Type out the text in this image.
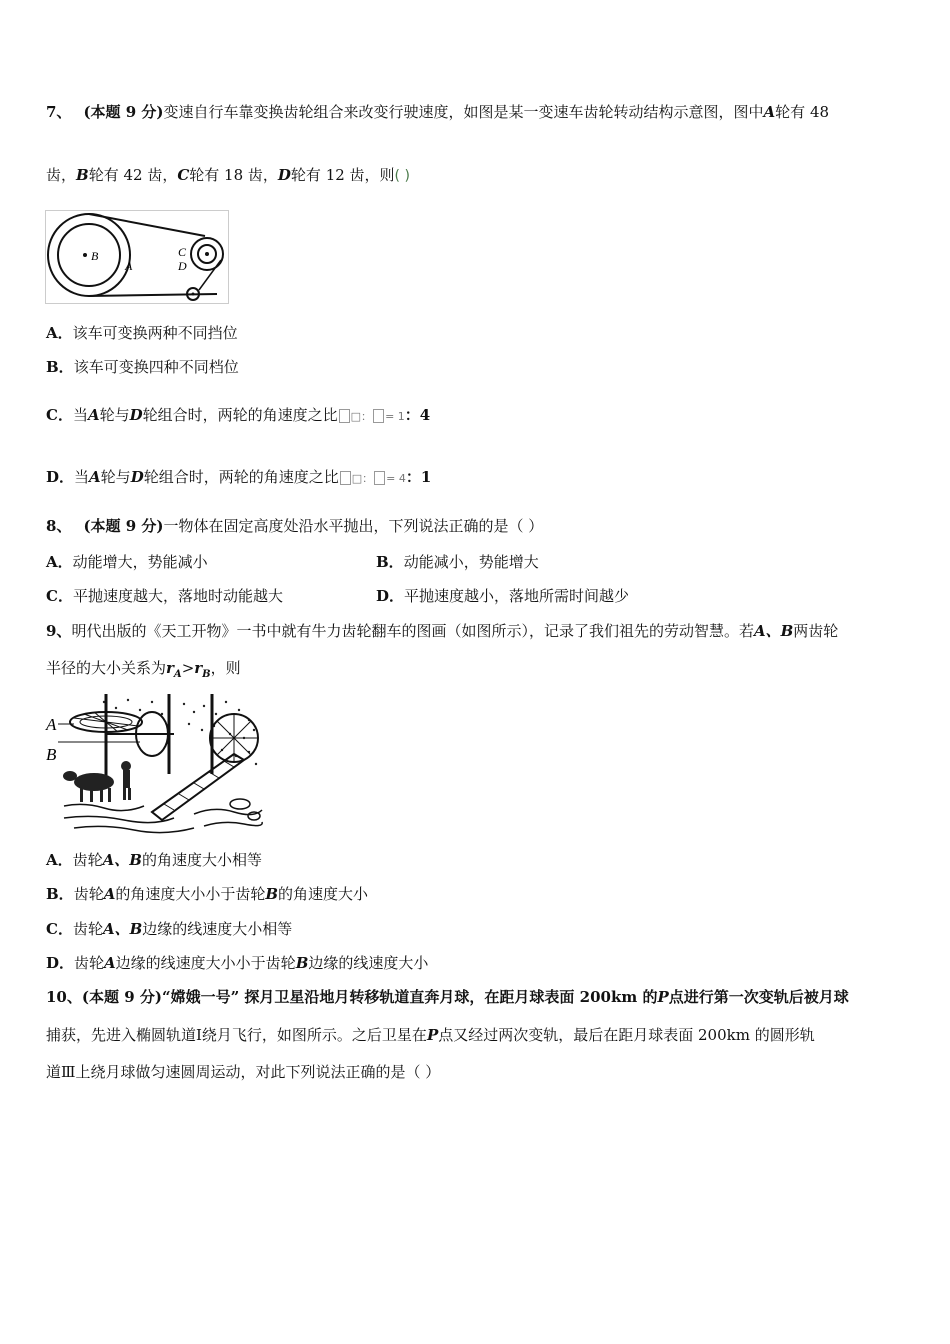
7、 (本题 9 分)变速自行车靠变换齿轮组合来改变行驶速度，如图是某一变速车齿轮转动结构示意图，图中A轮有 48
齿，B轮有 42 齿，C轮有 18 齿，D轮有 12 齿，则( )
B
A
C
D
A．该车可变换两种不同挡位
B．该车可变换四种不同档位
C．当A轮与D轮组合时，两轮的角速度之比 □： = 1：4
D．当A轮与D轮组合时，两轮的角速度之比 □： = 4：1
8、 (本题 9 分)一物体在固定高度处沿水平抛出，下列说法正确的是（ ）
A．动能增大，势能减小	B．动能减小，势能增大
C．平抛速度越大，落地时动能越大	D．平抛速度越小，落地所需时间越少
9、明代出版的《天工开物》一书中就有牛力齿轮翻车的图画（如图所示），记录了我们祖先的劳动智慧。若A、B两齿轮
半径的大小关系为$r_A>r_B$，则
A
B
A．齿轮A、B的角速度大小相等
B．齿轮A的角速度大小小于齿轮B的角速度大小
C．齿轮A、B边缘的线速度大小相等
D．齿轮A边缘的线速度大小小于齿轮B边缘的线速度大小
10、(本题 9 分)“嫦娥一号” 探月卫星沿地月转移轨道直奔月球，在距月球表面 200km 的P点进行第一次变轨后被月球
捕获，先进入椭圆轨道Ⅰ绕月飞行，如图所示。之后卫星在P点又经过两次变轨，最后在距月球表面 200km 的圆形轨
道Ⅲ上绕月球做匀速圆周运动，对此下列说法正确的是（ ）
